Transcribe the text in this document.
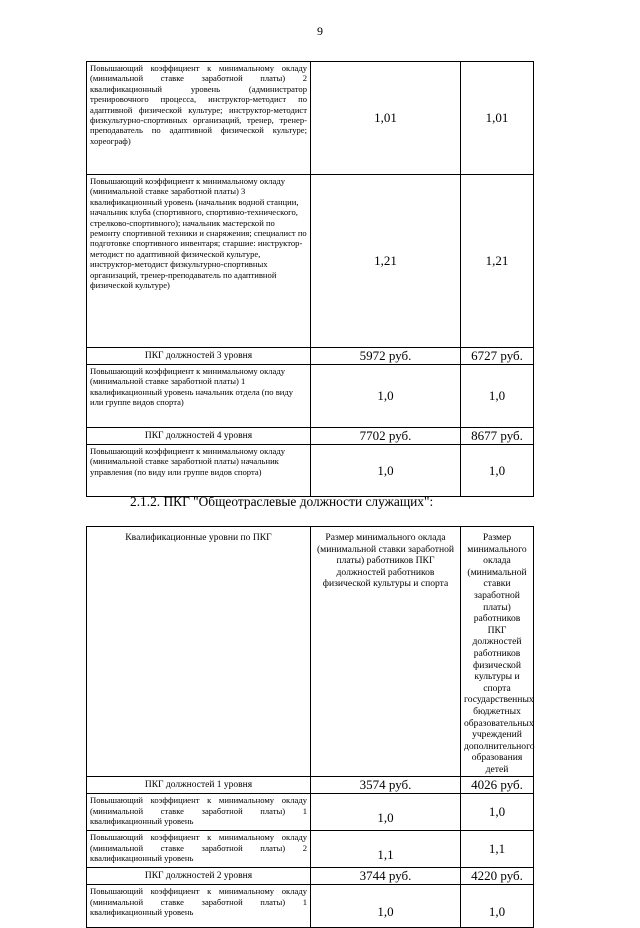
9
Повышающий коэффициент к минимальному окладу (минимальной ставке заработной платы) 2 квалификационный уровень (администратор тренировочного процесса, инструктор-методист по адаптивной физической культуре; инструктор-методист физкультурно-спортивных организаций, тренер, тренер-преподаватель по адаптивной физической культуре; хореограф)	1,01	1,01
Повышающий коэффициент к минимальному окладу (минимальной ставке заработной платы) 3 квалификационный уровень (начальник водной станции, начальник клуба (спортивного, спортивно-технического, стрелково-спортивного); начальник мастерской по ремонту спортивной техники и снаряжения; специалист по подготовке спортивного инвентаря; старшие: инструктор-методист по адаптивной физической культуре, инструктор-методист физкультурно-спортивных организаций, тренер-преподаватель по адаптивной физической культуре)	1,21	1,21
ПКГ должностей 3 уровня	5972 руб.	6727 руб.
Повышающий коэффициент к минимальному окладу (минимальной ставке заработной платы) 1 квалификационный уровень начальник отдела (по виду или группе видов спорта)	1,0	1,0
ПКГ должностей 4 уровня	7702 руб.	8677 руб.
Повышающий коэффициент к минимальному окладу (минимальной ставке заработной платы) начальник управления (по виду или группе видов спорта)	1,0	1,0
2.1.2. ПКГ "Общеотраслевые должности служащих":
Квалификационные уровни по ПКГ	Размер минимального оклада (минимальной ставки заработной платы) работников ПКГ должностей работников физической культуры и спорта	Размер минимального оклада (минимальной ставки заработной платы) работников ПКГ должностей работников физической культуры и спорта государственных бюджетных образовательных учреждений дополнительного образования детей
ПКГ должностей 1 уровня	3574 руб.	4026 руб.
Повышающий коэффициент к минимальному окладу (минимальной ставке заработной платы) 1 квалификационный уровень	1,0	1,0
Повышающий коэффициент к минимальному окладу (минимальной ставке заработной платы) 2 квалификационный уровень	1,1	1,1
ПКГ должностей 2 уровня	3744 руб.	4220 руб.
Повышающий коэффициент к минимальному окладу (минимальной ставке заработной платы) 1 квалификационный уровень	1,0	1,0
